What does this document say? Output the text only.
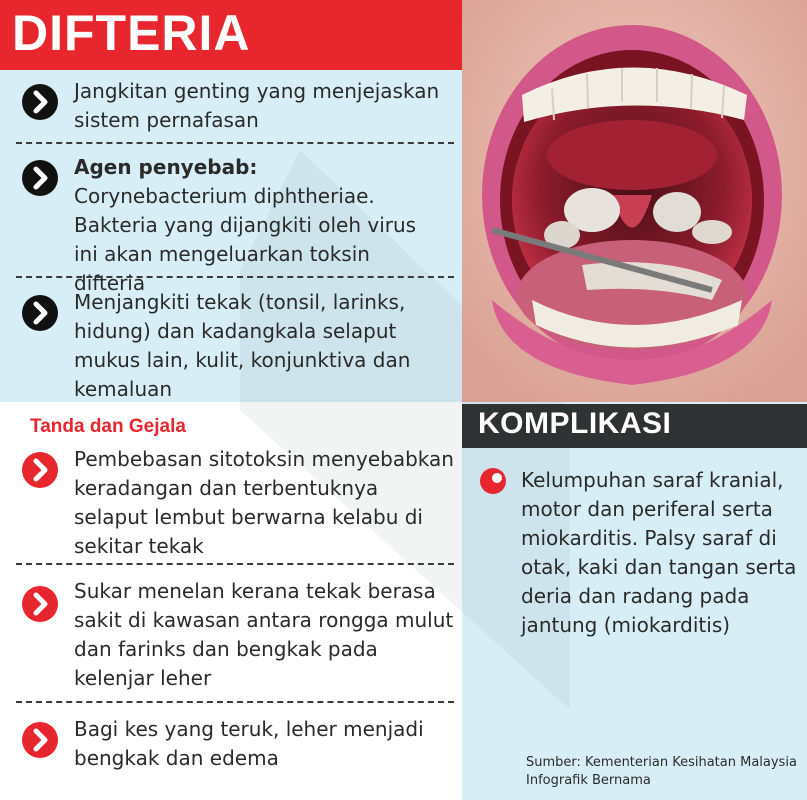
DIFTERIA
Jangkitan genting yang menjejaskan sistem pernafasan
Agen penyebab: Corynebacterium diphtheriae. Bakteria yang dijangkiti oleh virus ini akan mengeluarkan toksin difteria
Menjangkiti tekak (tonsil, larinks, hidung) dan kadangkala selaput mukus lain, kulit, konjunktiva dan kemaluan
Tanda dan Gejala
Pembebasan sitotoksin menyebabkan keradangan dan terbentuknya selaput lembut berwarna kelabu di sekitar tekak
Sukar menelan kerana tekak berasa sakit di kawasan antara rongga mulut dan farinks dan bengkak pada kelenjar leher
Bagi kes yang teruk, leher menjadi bengkak dan edema
KOMPLIKASI
Kelumpuhan saraf kranial, motor dan periferal serta miokarditis. Palsy saraf di otak, kaki dan tangan serta deria dan radang pada jantung (miokarditis)
Sumber: Kementerian Kesihatan Malaysia
Infografik Bernama
